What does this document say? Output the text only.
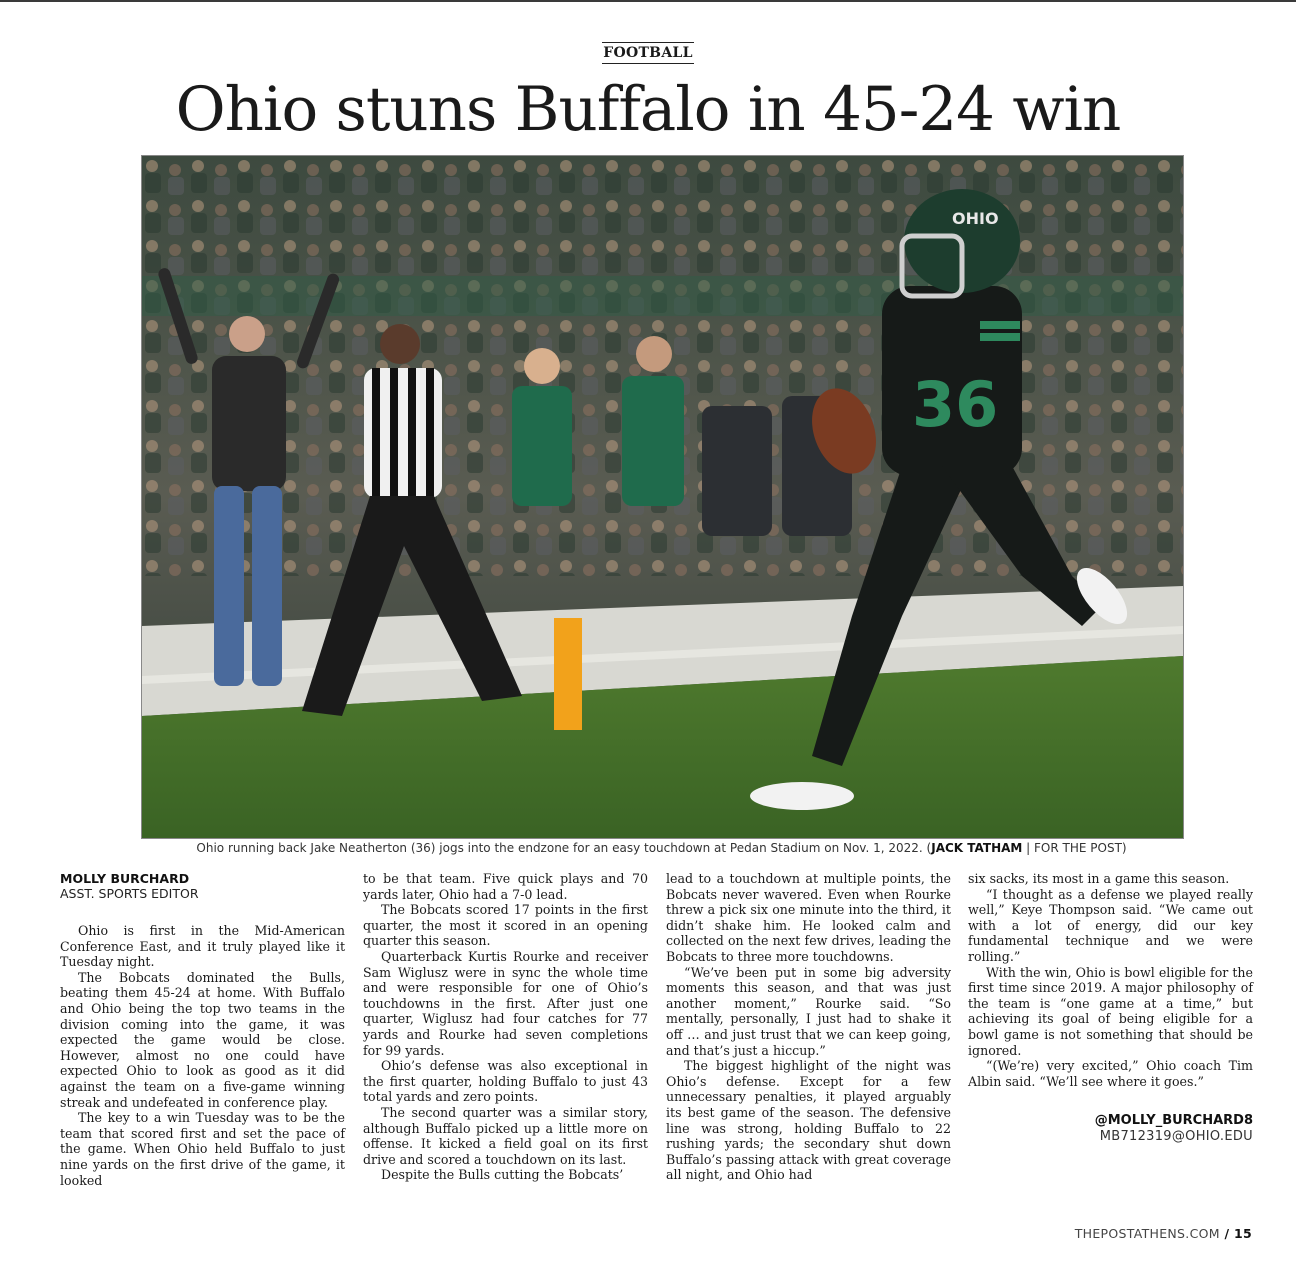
FOOTBALL
Ohio stuns Buffalo in 45-24 win
36
OHIO
Ohio running back Jake Neatherton (36) jogs into the endzone for an easy touchdown at Pedan Stadium on Nov. 1, 2022. (JACK TATHAM | FOR THE POST)
MOLLY BURCHARD
ASST. SPORTS EDITOR

Ohio is first in the Mid-American Conference East, and it truly played like it Tuesday night.

The Bobcats dominated the Bulls, beating them 45-24 at home. With Buffalo and Ohio being the top two teams in the division coming into the game, it was expected the game would be close. However, almost no one could have expected Ohio to look as good as it did against the team on a five-game winning streak and undefeated in conference play.

The key to a win Tuesday was to be the team that scored first and set the pace of the game. When Ohio held Buffalo to just nine yards on the first drive of the game, it looked

to be that team. Five quick plays and 70 yards later, Ohio had a 7-0 lead.

The Bobcats scored 17 points in the first quarter, the most it scored in an opening quarter this season.

Quarterback Kurtis Rourke and receiver Sam Wiglusz were in sync the whole time and were responsible for one of Ohio’s touchdowns in the first. After just one quarter, Wiglusz had four catches for 77 yards and Rourke had seven completions for 99 yards.

Ohio’s defense was also exceptional in the first quarter, holding Buffalo to just 43 total yards and zero points.

The second quarter was a similar story, although Buffalo picked up a little more on offense. It kicked a field goal on its first drive and scored a touchdown on its last.

Despite the Bulls cutting the Bobcats’

lead to a touchdown at multiple points, the Bobcats never wavered. Even when Rourke threw a pick six one minute into the third, it didn’t shake him. He looked calm and collected on the next few drives, leading the Bobcats to three more touchdowns.

“We’ve been put in some big adversity moments this season, and that was just another moment,” Rourke said. “So mentally, personally, I just had to shake it off … and just trust that we can keep going, and that’s just a hiccup.”

The biggest highlight of the night was Ohio’s defense. Except for a few unnecessary penalties, it played arguably its best game of the season. The defensive line was strong, holding Buffalo to 22 rushing yards; the secondary shut down Buffalo’s passing attack with great coverage all night, and Ohio had

six sacks, its most in a game this season.

“I thought as a defense we played really well,” Keye Thompson said. “We came out with a lot of energy, did our key fundamental technique and we were rolling.”

With the win, Ohio is bowl eligible for the first time since 2019. A major philosophy of the team is “one game at a time,” but achieving its goal of being eligible for a bowl game is not something that should be ignored.

“(We’re) very excited,” Ohio coach Tim Albin said. “We’ll see where it goes.”

@MOLLY_BURCHARD8
MB712319@OHIO.EDU
THEPOSTATHENS.COM / 15
